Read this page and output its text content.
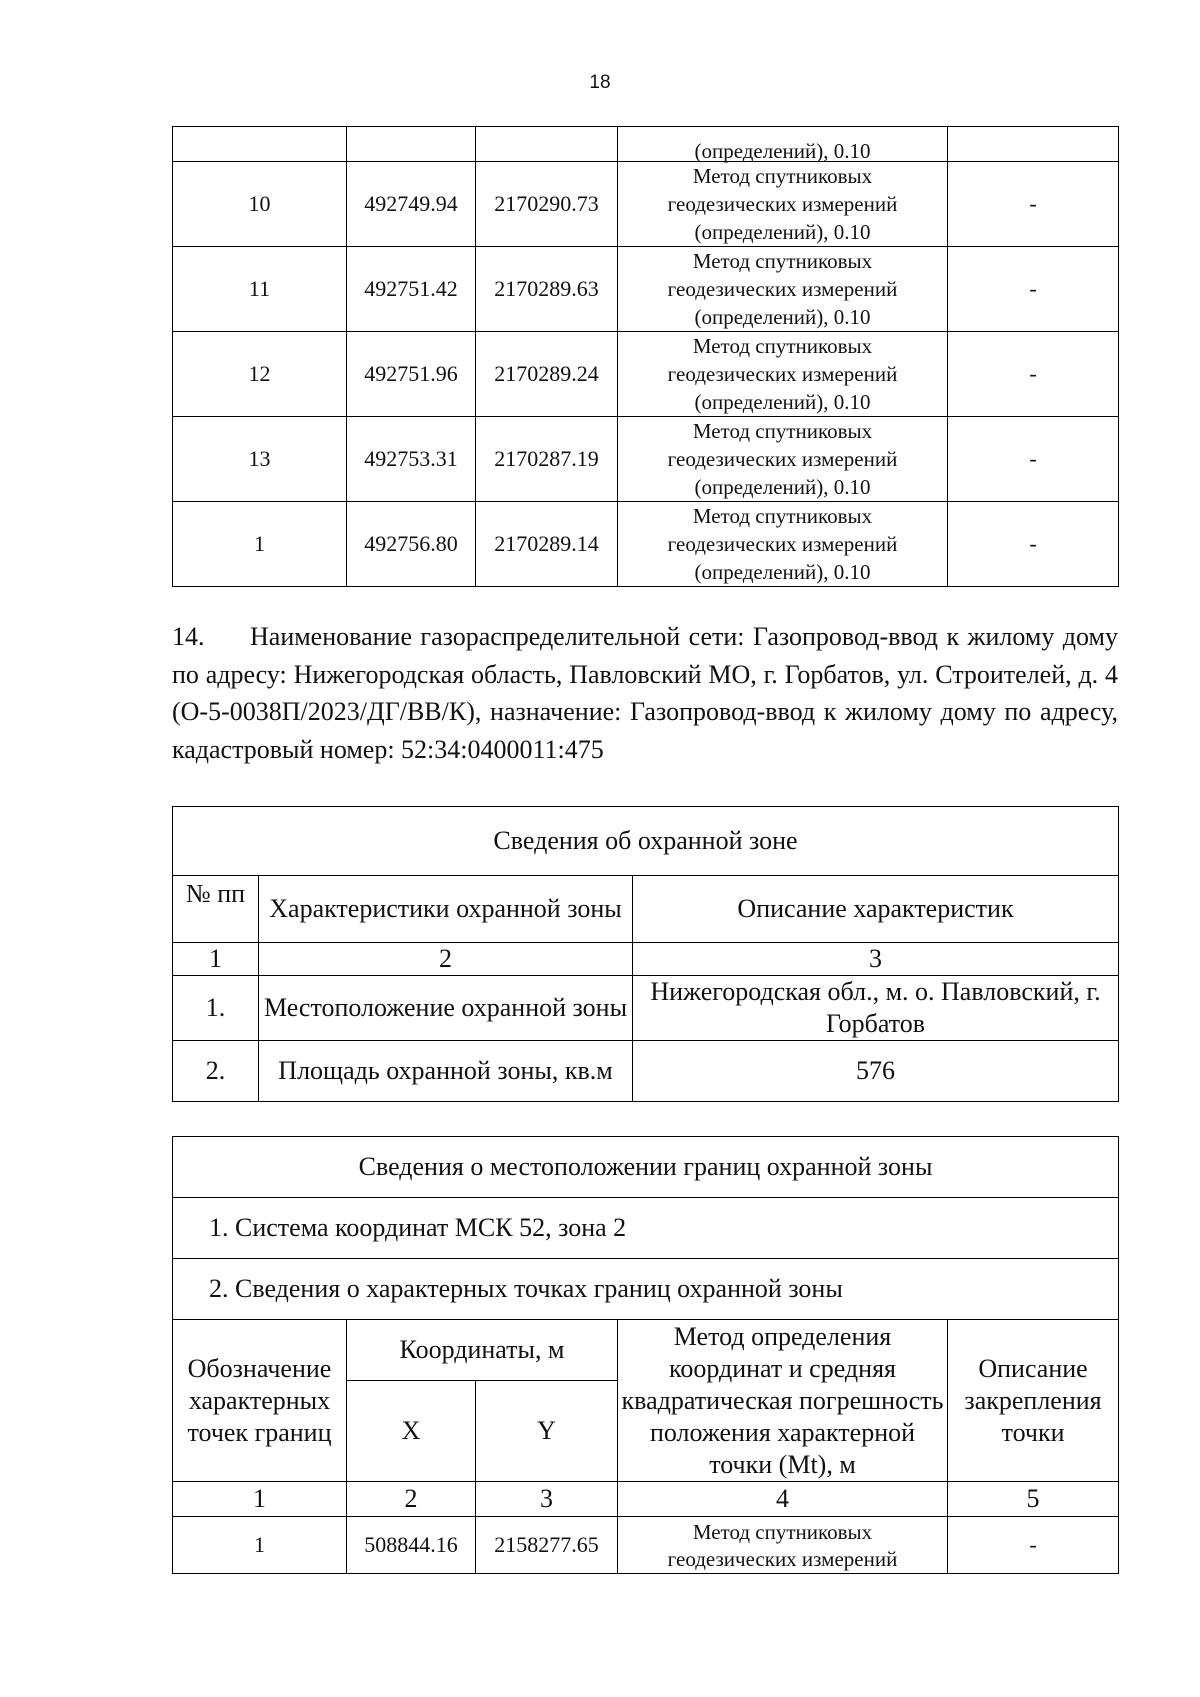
18
			(определений), 0.10	
10	492749.94	2170290.73	Метод спутниковых
геодезических измерений
(определений), 0.10	-
11	492751.42	2170289.63	Метод спутниковых
геодезических измерений
(определений), 0.10	-
12	492751.96	2170289.24	Метод спутниковых
геодезических измерений
(определений), 0.10	-
13	492753.31	2170287.19	Метод спутниковых
геодезических измерений
(определений), 0.10	-
1	492756.80	2170289.14	Метод спутниковых
геодезических измерений
(определений), 0.10	-
14. Наименование газораспределительной сети: Газопровод-ввод к жилому дому по адресу: Нижегородская область, Павловский МО, г. Горбатов, ул. Строителей, д. 4 (О-5-0038П/2023/ДГ/ВВ/К), назначение: Газопровод-ввод к жилому дому по адресу, кадастровый номер: 52:34:0400011:475
Сведения об охранной зоне		
№ пп	Характеристики охранной зоны	Описание характеристик
1	2	3
1.	Местоположение охранной зоны	Нижегородская обл., м. о. Павловский, г. Горбатов
2.	Площадь охранной зоны, кв.м	576
Сведения о местоположении границ охранной зоны				
1. Система координат МСК 52, зона 2				
2. Сведения о характерных точках границ охранной зоны				
Обозначение характерных точек границ	Координаты, м		Метод определения координат и средняя квадратическая погрешность положения характерной точки (Mt), м	Описание закрепления точки
	X	Y		
1	2	3	4	5
1	508844.16	2158277.65	Метод спутниковых
геодезических измерений	-
